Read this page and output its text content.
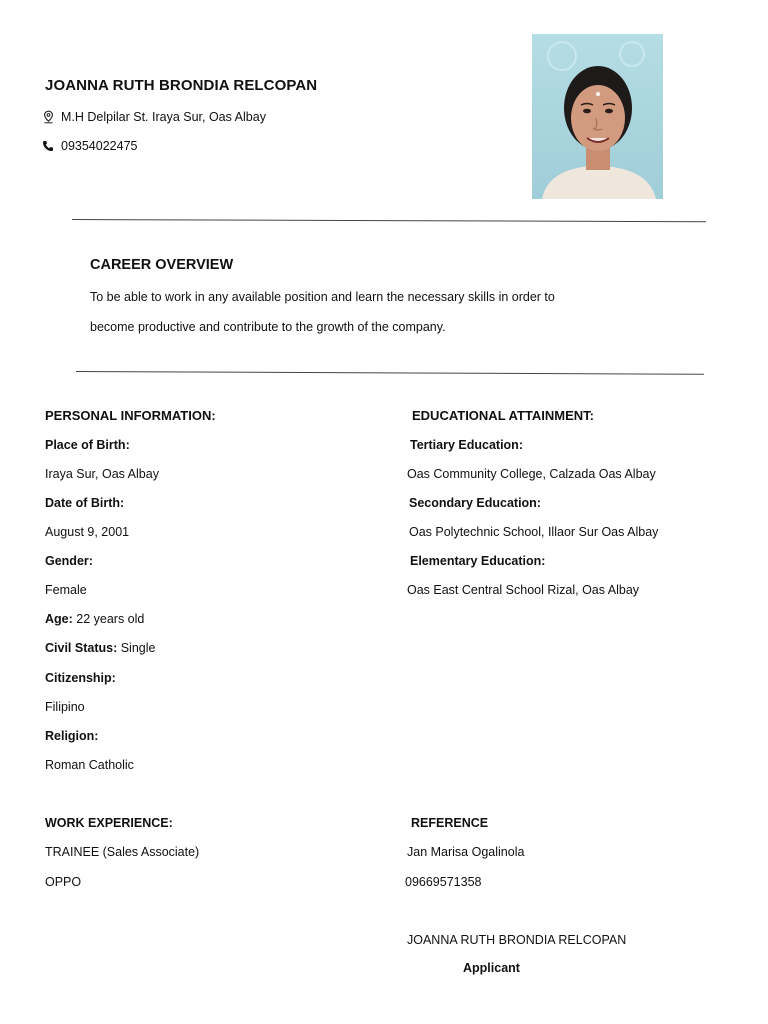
JOANNA RUTH BRONDIA RELCOPAN
M.H Delpilar St. Iraya Sur, Oas Albay
09354022475
CAREER OVERVIEW
To be able to work in any available position and learn the necessary skills in order to
become productive and contribute to the growth of the company.
PERSONAL INFORMATION:
Place of Birth:
Iraya Sur, Oas Albay
Date of Birth:
August 9, 2001
Gender:
Female
Age: 22 years old
Civil Status: Single
Citizenship:
Filipino
Religion:
Roman Catholic
EDUCATIONAL ATTAINMENT:
Tertiary Education:
Oas Community College, Calzada Oas Albay
Secondary Education:
Oas Polytechnic School, Illaor Sur Oas Albay
Elementary Education:
Oas East Central School Rizal, Oas Albay
WORK EXPERIENCE:
TRAINEE (Sales Associate)
OPPO
REFERENCE
Jan Marisa Ogalinola
09669571358
JOANNA RUTH BRONDIA RELCOPAN
Applicant
